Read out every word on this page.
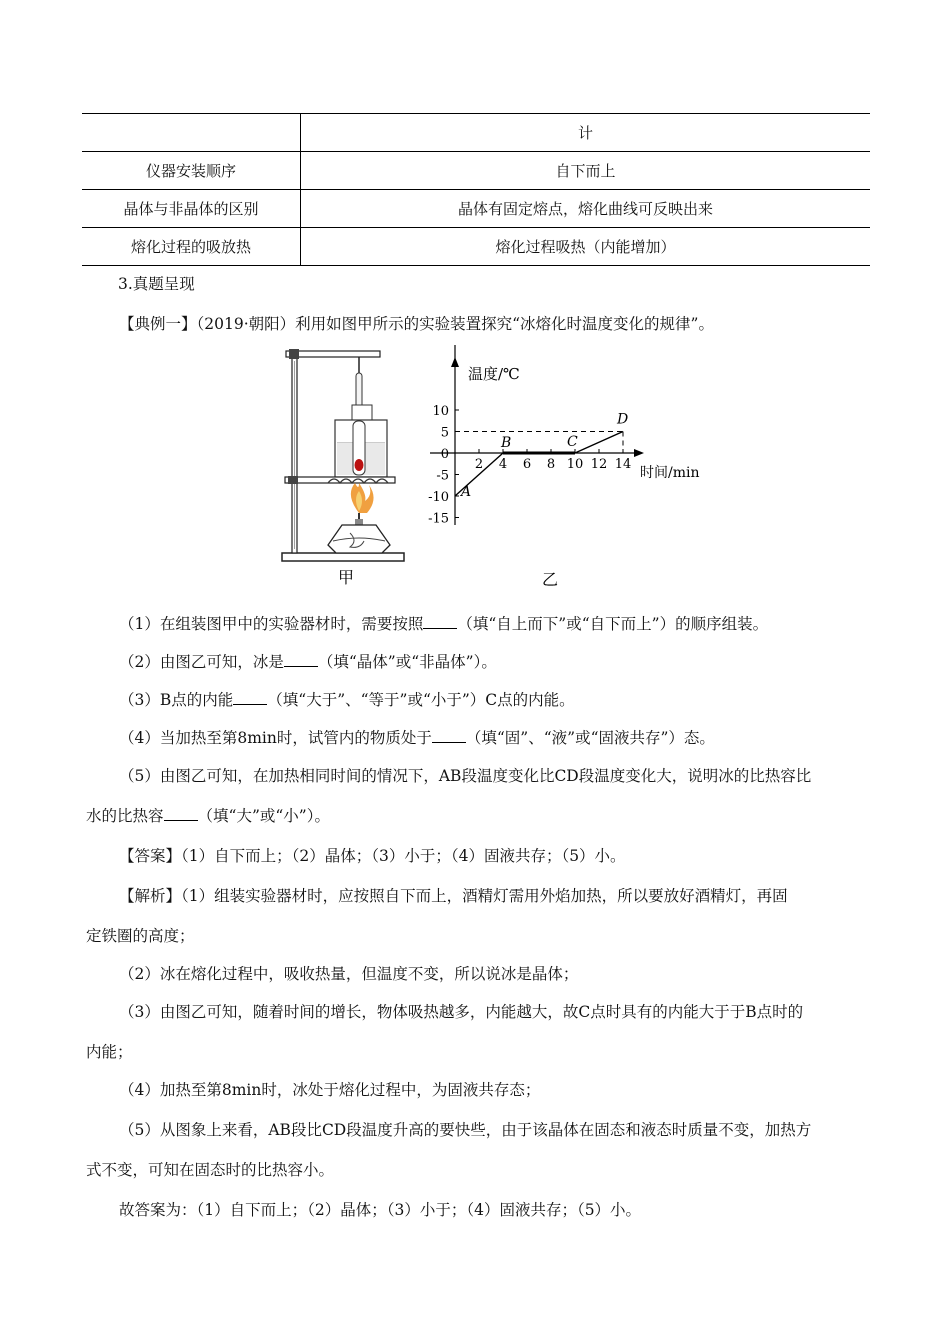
	计
仪器安装顺序	自下而上
晶体与非晶体的区别	晶体有固定熔点，熔化曲线可反映出来
熔化过程的吸放热	熔化过程吸热（内能增加）

3.真题呈现

【典例一】（2019·朝阳）利用如图甲所示的实验装置探究“冰熔化时温度变化的规律”。

甲
温度/℃
时间/min
2 4 6 8 10 12 14
10
5
0
-5
-10
-15
A
B	C
D
乙

（1）在组装图甲中的实验器材时，需要按照 （填“自上而下”或“自下而上”）的顺序组装。

（2）由图乙可知，冰是 （填“晶体”或“非晶体”）。

（3）B点的内能 （填“大于”、“等于”或“小于”）C点的内能。

（4）当加热至第8min时，试管内的物质处于 （填“固”、“液”或“固液共存”）态。

（5）由图乙可知，在加热相同时间的情况下，AB段温度变化比CD段温度变化大，说明冰的比热容比

水的比热容 （填“大”或“小”）。

【答案】（1）自下而上；（2）晶体；（3）小于；（4）固液共存；（5）小。

【解析】（1）组装实验器材时，应按照自下而上，酒精灯需用外焰加热，所以要放好酒精灯，再固

定铁圈的高度；

（2）冰在熔化过程中，吸收热量，但温度不变，所以说冰是晶体；

（3）由图乙可知，随着时间的增长，物体吸热越多，内能越大，故C点时具有的内能大于于B点时的

内能；

（4）加热至第8min时，冰处于熔化过程中，为固液共存态；

（5）从图象上来看，AB段比CD段温度升高的要快些，由于该晶体在固态和液态时质量不变，加热方

式不变，可知在固态时的比热容小。

故答案为：（1）自下而上；（2）晶体；（3）小于；（4）固液共存；（5）小。
